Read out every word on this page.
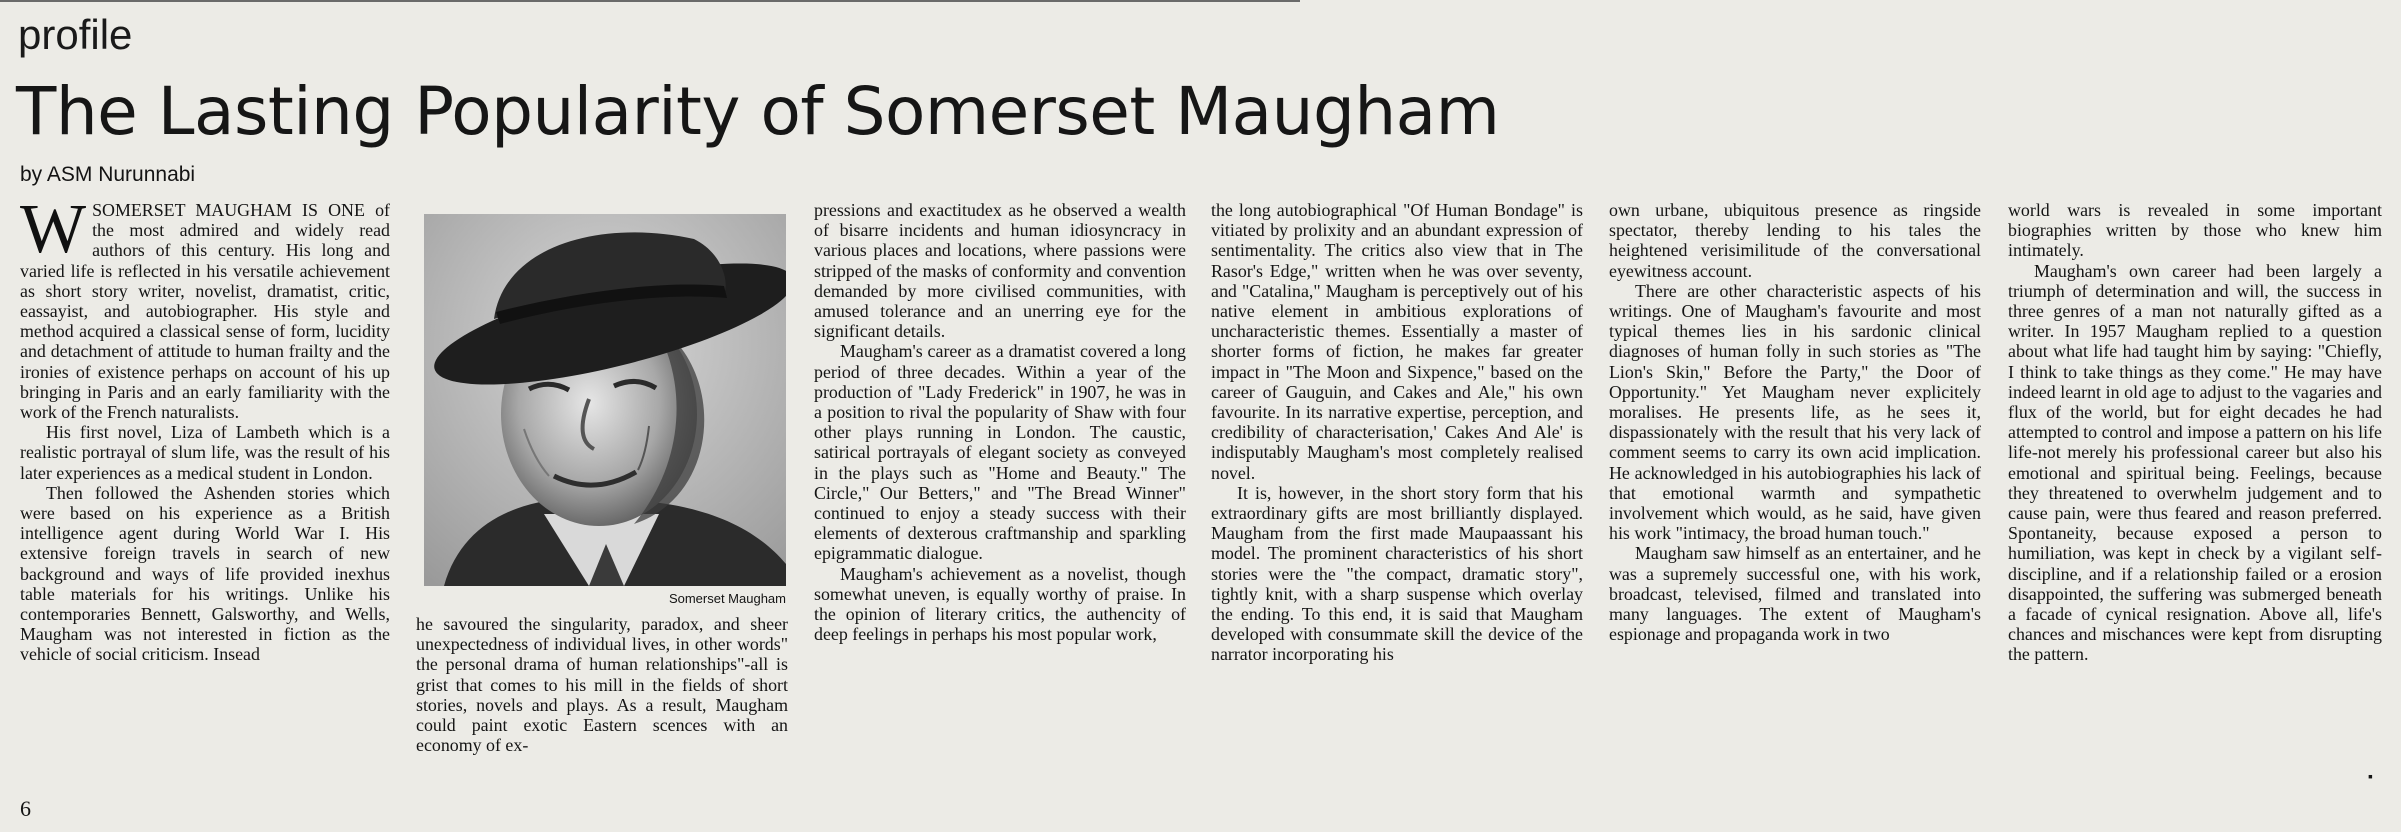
profile
The Lasting Popularity of Somerset Maugham
by ASM Nurunnabi

WSOMERSET MAUGHAM IS ONE of the most admired and widely read authors of this century. His long and varied life is reflected in his versatile achievement as short story writer, novelist, dramatist, critic, eassayist, and autobiographer. His style and method acquired a classical sense of form, lucidity and detachment of attitude to human frailty and the ironies of existence perhaps on account of his up bringing in Paris and an early familiarity with the work of the French naturalists.

His first novel, Liza of Lambeth which is a realistic portrayal of slum life, was the result of his later experiences as a medical student in London.

Then followed the Ashenden stories which were based on his experience as a British intelligence agent during World War I. His extensive foreign travels in search of new background and ways of life provided inexhus table materials for his writings. Unlike his contemporaries Bennett, Galsworthy, and Wells, Maugham was not interested in fiction as the vehicle of social criticism. Insead

Somerset Maugham

he savoured the singularity, paradox, and sheer unexpectedness of individual lives, in other words" the personal drama of human relationships"-all is grist that comes to his mill in the fields of short stories, novels and plays. As a result, Maugham could paint exotic Eastern scences with an economy of ex-

pressions and exactitudex as he observed a wealth of bisarre incidents and human idiosyncracy in various places and locations, where passions were stripped of the masks of conformity and convention demanded by more civilised communities, with amused tolerance and an unerring eye for the significant details.

Maugham's career as a dramatist covered a long period of three decades. Within a year of the production of "Lady Frederick" in 1907, he was in a position to rival the popularity of Shaw with four other plays running in London. The caustic, satirical portrayals of elegant society as conveyed in the plays such as "Home and Beauty." The Circle," Our Betters," and "The Bread Winner" continued to enjoy a steady success with their elements of dexterous craftmanship and sparkling epigrammatic dialogue.

Maugham's achievement as a novelist, though somewhat uneven, is equally worthy of praise. In the opinion of literary critics, the authencity of deep feelings in perhaps his most popular work,

the long autobiographical "Of Human Bondage" is vitiated by prolixity and an abundant expression of sentimentality. The critics also view that in The Rasor's Edge," written when he was over seventy, and "Catalina," Maugham is perceptively out of his native element in ambitious explorations of uncharacteristic themes. Essentially a master of shorter forms of fiction, he makes far greater impact in "The Moon and Sixpence," based on the career of Gauguin, and Cakes and Ale," his own favourite. In its narrative expertise, perception, and credibility of characterisation,' Cakes And Ale' is indisputably Maugham's most completely realised novel.

It is, however, in the short story form that his extraordinary gifts are most brilliantly displayed. Maugham from the first made Maupaassant his model. The prominent characteristics of his short stories were the "the compact, dramatic story", tightly knit, with a sharp suspense which overlay the ending. To this end, it is said that Maugham developed with consummate skill the device of the narrator incorporating his

own urbane, ubiquitous presence as ringside spectator, thereby lending to his tales the heightened verisimilitude of the conversational eyewitness account.

There are other characteristic aspects of his writings. One of Maugham's favourite and most typical themes lies in his sardonic clinical diagnoses of human folly in such stories as "The Lion's Skin," Before the Party," the Door of Opportunity." Yet Maugham never explicitely moralises. He presents life, as he sees it, dispassionately with the result that his very lack of comment seems to carry its own acid implication. He acknowledged in his autobiographies his lack of that emotional warmth and sympathetic involvement which would, as he said, have given his work "intimacy, the broad human touch."

Maugham saw himself as an entertainer, and he was a supremely successful one, with his work, broadcast, televised, filmed and translated into many languages. The extent of Maugham's espionage and propaganda work in two

world wars is revealed in some important biographies written by those who knew him intimately.

Maugham's own career had been largely a triumph of determination and will, the success in three genres of a man not naturally gifted as a writer. In 1957 Maugham replied to a question about what life had taught him by saying: "Chiefly, I think to take things as they come." He may have indeed learnt in old age to adjust to the vagaries and flux of the world, but for eight decades he had attempted to control and impose a pattern on his life life-not merely his professional career but also his emotional and spiritual being. Feelings, because they threatened to overwhelm judgement and to cause pain, were thus feared and reason preferred. Spontaneity, because exposed a person to humiliation, was kept in check by a vigilant self-discipline, and if a relationship failed or a erosion disappointed, the suffering was submerged beneath a facade of cynical resignation. Above all, life's chances and mischances were kept from disrupting the pattern.

▪
6
